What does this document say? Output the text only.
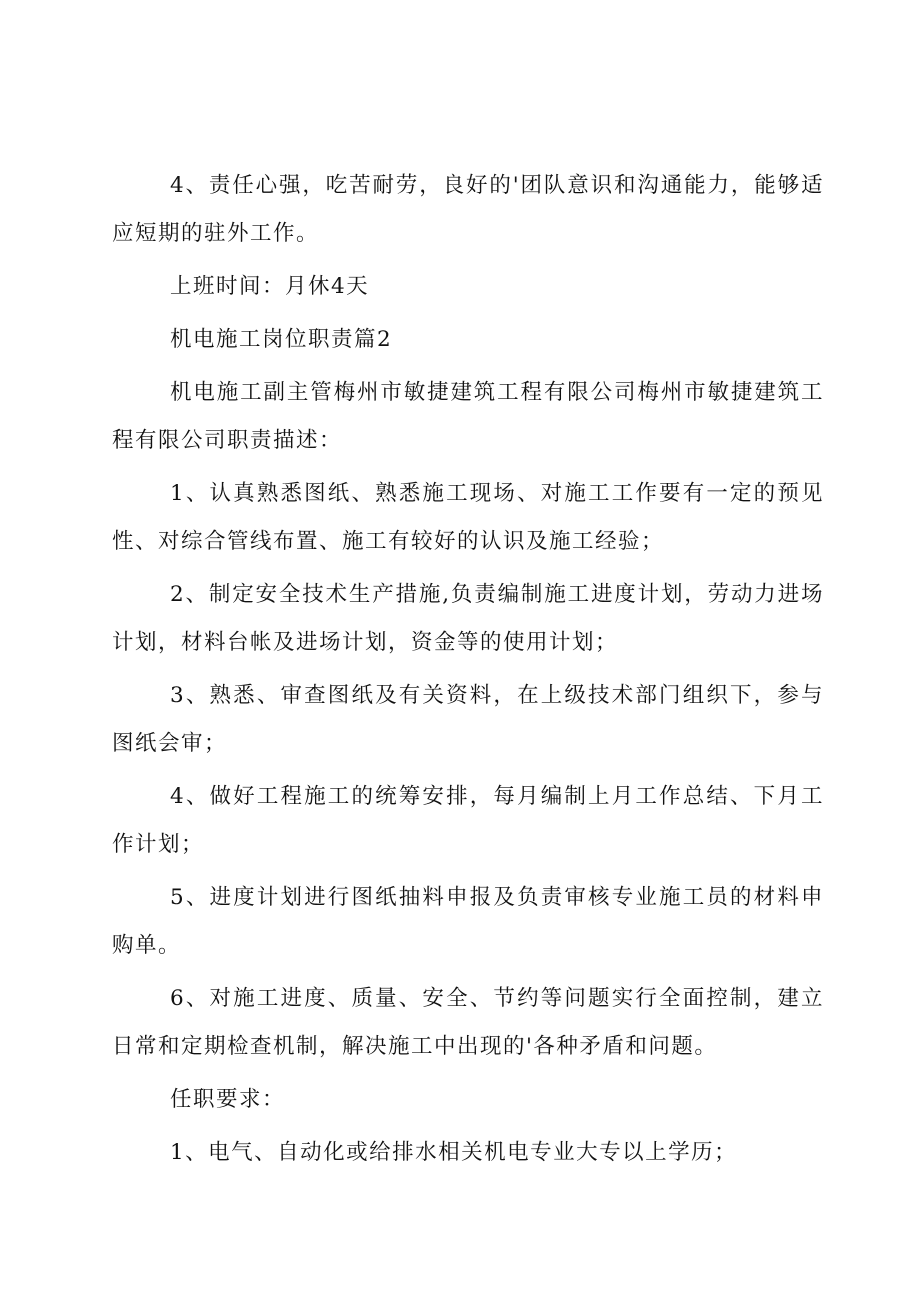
4、责任心强，吃苦耐劳，良好的'团队意识和沟通能力，能够适应短期的驻外工作。

上班时间：月休4天

机电施工岗位职责篇2

机电施工副主管梅州市敏捷建筑工程有限公司梅州市敏捷建筑工程有限公司职责描述：

1、认真熟悉图纸、熟悉施工现场、对施工工作要有一定的预见性、对综合管线布置、施工有较好的认识及施工经验；

2、制定安全技术生产措施,负责编制施工进度计划，劳动力进场计划，材料台帐及进场计划，资金等的使用计划；

3、熟悉、审查图纸及有关资料，在上级技术部门组织下，参与图纸会审；

4、做好工程施工的统筹安排，每月编制上月工作总结、下月工作计划；

5、进度计划进行图纸抽料申报及负责审核专业施工员的材料申购单。

6、对施工进度、质量、安全、节约等问题实行全面控制，建立日常和定期检查机制，解决施工中出现的'各种矛盾和问题。

任职要求：

1、电气、自动化或给排水相关机电专业大专以上学历；
